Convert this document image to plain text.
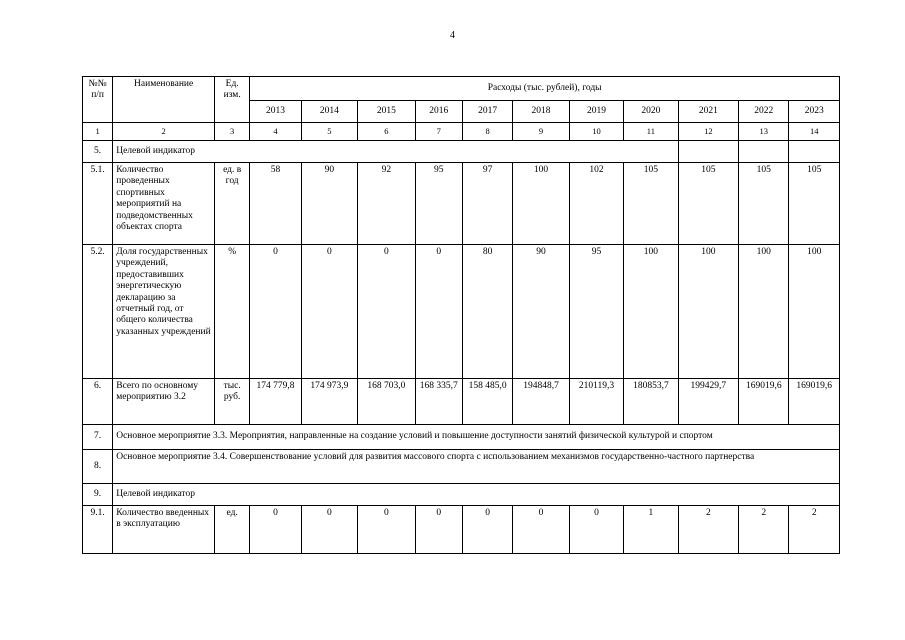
4
№№ п/п	Наименование	Ед. изм.	Расходы (тыс. рублей), годы										
			2013	2014	2015	2016	2017	2018	2019	2020	2021	2022	2023
1	2	3	4	5	6	7	8	9	10	11	12	13	14
5.	Целевой индикатор												
5.1.	Количество проведенных спортивных мероприятий на подведомственных объектах спорта	ед. в год	58	90	92	95	97	100	102	105	105	105	105
5.2.	Доля государственных учреждений, предоставивших энергетическую декларацию за отчетный год, от общего количества указанных учреждений	%	0	0	0	0	80	90	95	100	100	100	100
6.	Всего по основному мероприятию 3.2	тыс. руб.	174 779,8	174 973,9	168 703,0	168 335,7	158 485,0	194848,7	210119,3	180853,7	199429,7	169019,6	169019,6
7.	Основное мероприятие 3.3. Мероприятия, направленные на создание условий и повышение доступности занятий физической культурой и спортом												
8.	Основное мероприятие 3.4. Совершенствование условий для развития массового спорта с использованием механизмов государственно-частного партнерства												
9.	Целевой индикатор												
9.1.	Количество введенных в эксплуатацию	ед.	0	0	0	0	0	0	0	1	2	2	2
